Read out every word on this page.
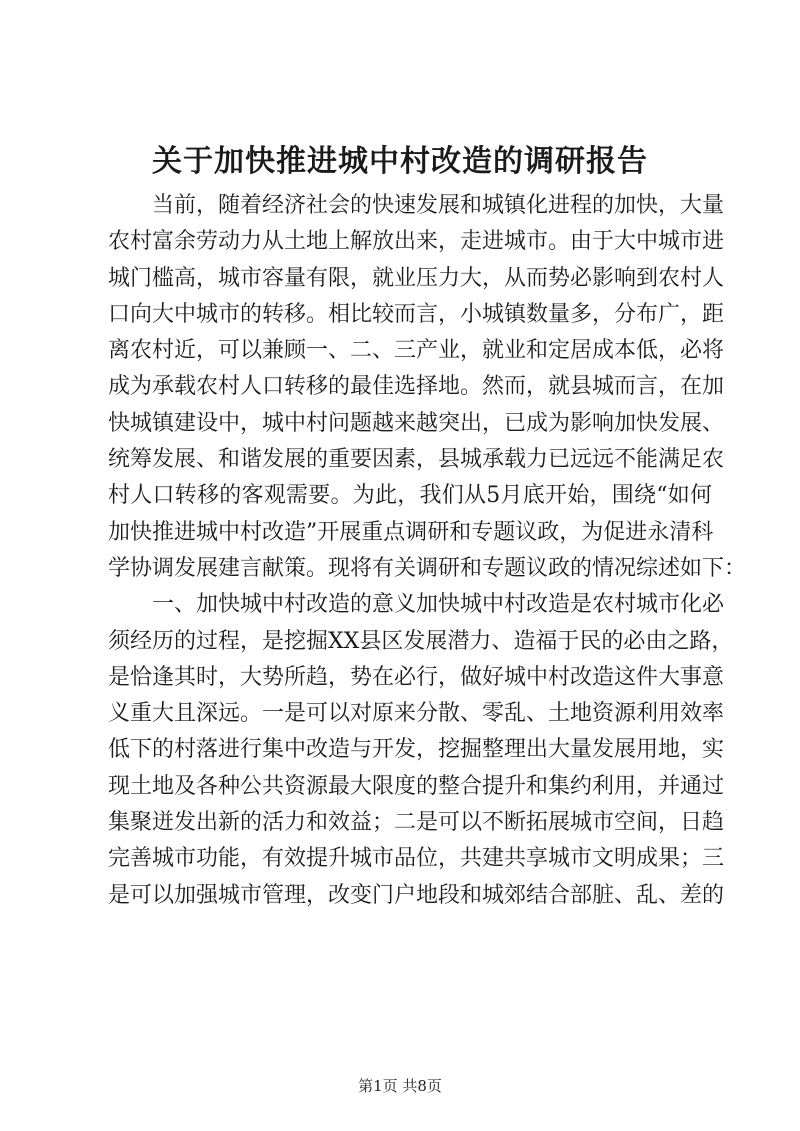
关于加快推进城中村改造的调研报告
当前，随着经济社会的快速发展和城镇化进程的加快，大量
农村富余劳动力从土地上解放出来，走进城市。由于大中城市进
城门槛高，城市容量有限，就业压力大，从而势必影响到农村人
口向大中城市的转移。相比较而言，小城镇数量多，分布广，距
离农村近，可以兼顾一、二、三产业，就业和定居成本低，必将
成为承载农村人口转移的最佳选择地。然而，就县城而言，在加
快城镇建设中，城中村问题越来越突出，已成为影响加快发展、
统筹发展、和谐发展的重要因素，县城承载力已远远不能满足农
村人口转移的客观需要。为此，我们从5月底开始，围绕“如何
加快推进城中村改造”开展重点调研和专题议政，为促进永清科
学协调发展建言献策。现将有关调研和专题议政的情况综述如下：
一、加快城中村改造的意义加快城中村改造是农村城市化必
须经历的过程，是挖掘XX县区发展潜力、造福于民的必由之路，
是恰逢其时，大势所趋，势在必行，做好城中村改造这件大事意
义重大且深远。一是可以对原来分散、零乱、土地资源利用效率
低下的村落进行集中改造与开发，挖掘整理出大量发展用地，实
现土地及各种公共资源最大限度的整合提升和集约利用，并通过
集聚迸发出新的活力和效益；二是可以不断拓展城市空间，日趋
完善城市功能，有效提升城市品位，共建共享城市文明成果；三
是可以加强城市管理，改变门户地段和城郊结合部脏、乱、差的
第1页 共8页
